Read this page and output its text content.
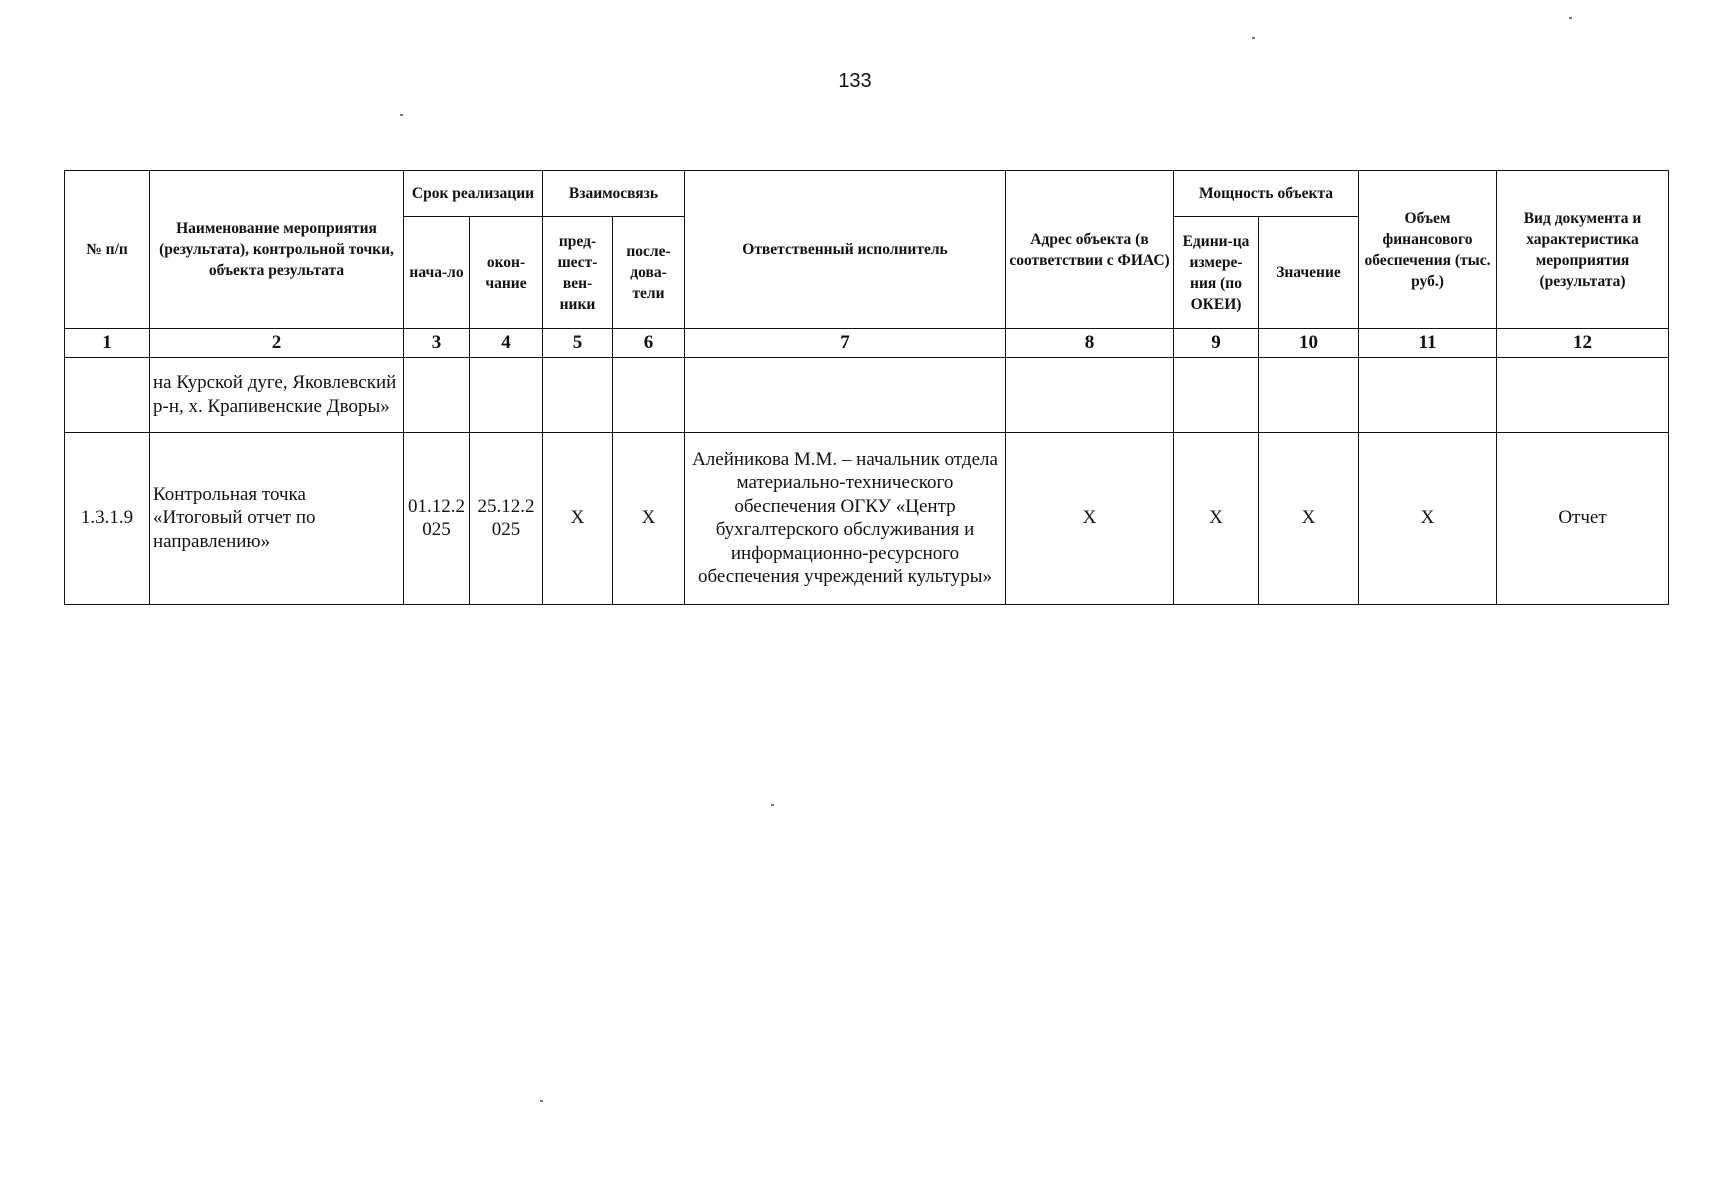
133
№ п/п	Наименование мероприятия (результата), контрольной точки, объекта результата	Срок реализации		Взаимосвязь		Ответственный исполнитель	Адрес объекта (в соответствии с ФИАС)	Мощность объекта		Объем финансового обеспечения (тыс. руб.)	Вид документа и характеристика мероприятия (результата)
		нача-ло	окон-чание	пред-шест-вен-ники	после-дова-тели			Едини-ца измере-ния (по ОКЕИ)	Значение		
1	2	3	4	5	6	7	8	9	10	11	12
	на Курской дуге, Яковлевский р-н, х. Крапивенские Дворы»										
1.3.1.9	Контрольная точка «Итоговый отчет по направлению»	01.12.2025	25.12.2025	X	X	Алейникова М.М. – начальник отдела материально-технического обеспечения ОГКУ «Центр бухгалтерского обслуживания и информационно-ресурсного обеспечения учреждений культуры»	X	X	X	X	Отчет
